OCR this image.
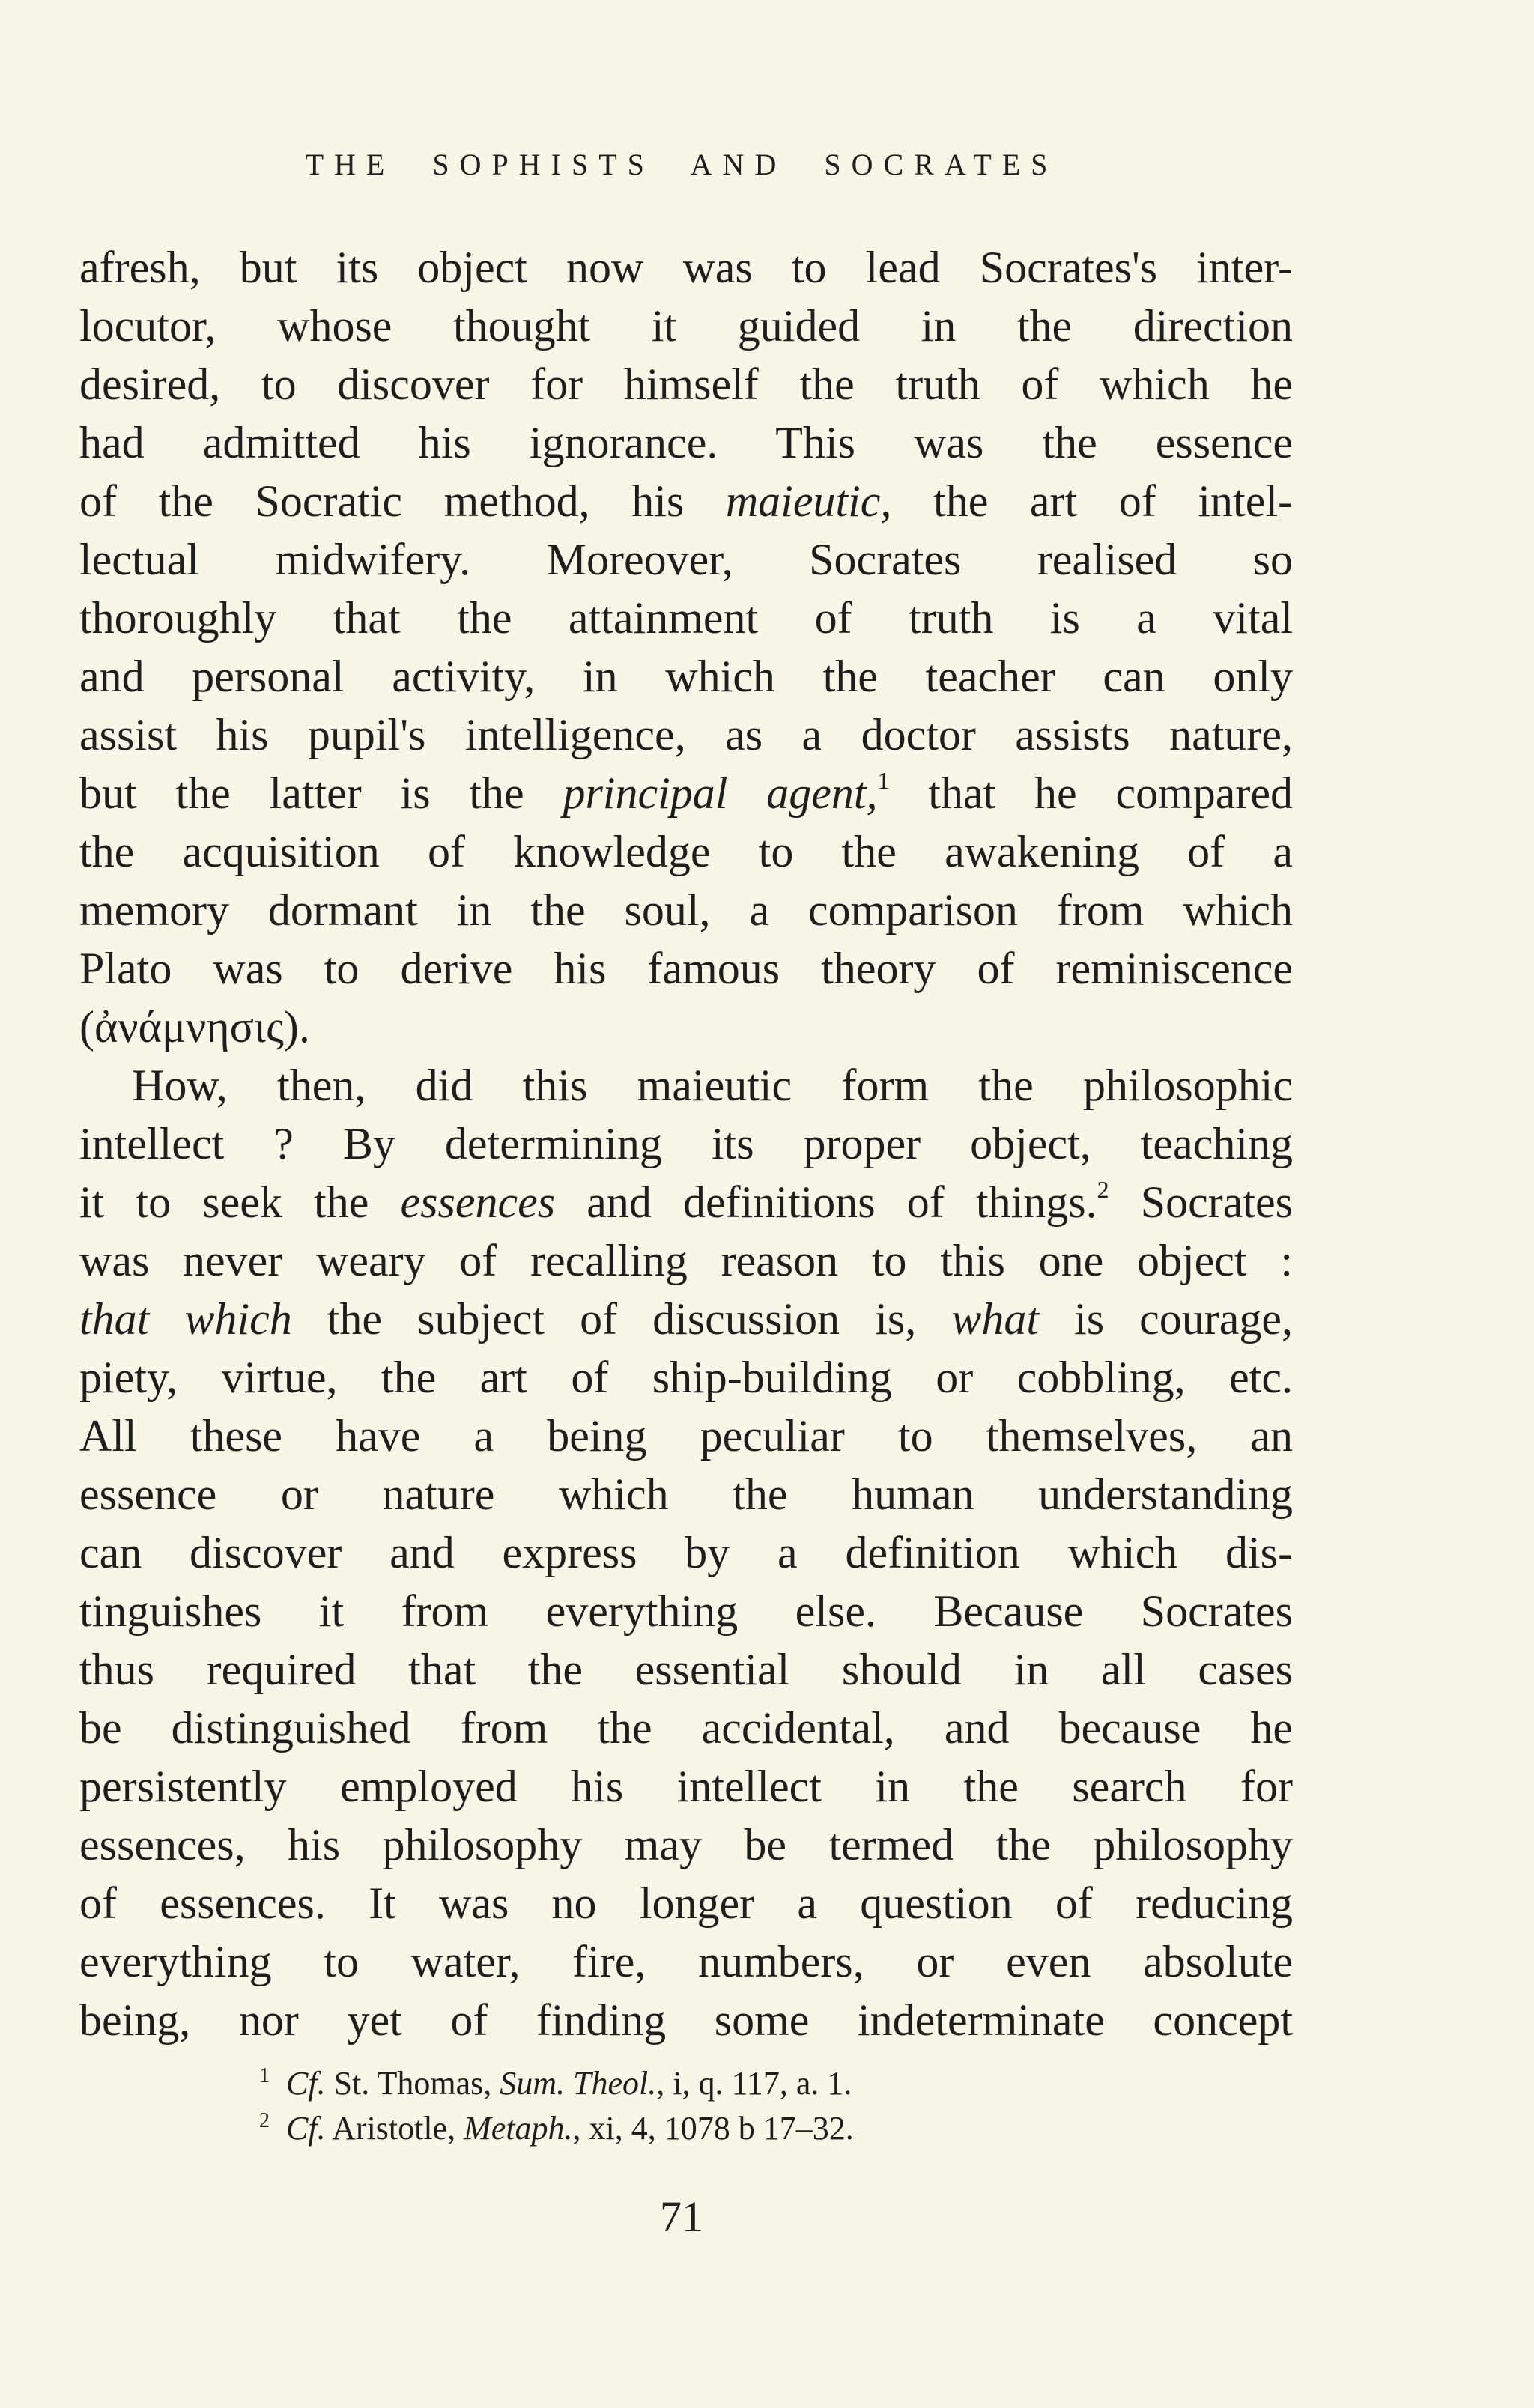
THE SOPHISTS AND SOCRATES
afresh, but its object now was to lead Socrates's inter-
locutor, whose thought it guided in the direction
desired, to discover for himself the truth of which he
had admitted his ignorance. This was the essence
of the Socratic method, his maieutic, the art of intel-
lectual midwifery. Moreover, Socrates realised so
thoroughly that the attainment of truth is a vital
and personal activity, in which the teacher can only
assist his pupil's intelligence, as a doctor assists nature,
but the latter is the principal agent,$^1$ that he compared
the acquisition of knowledge to the awakening of a
memory dormant in the soul, a comparison from which
Plato was to derive his famous theory of reminiscence
(ἀνάμνησις).
How, then, did this maieutic form the philosophic
intellect ? By determining its proper object, teaching
it to seek the essences and definitions of things.$^2$ Socrates
was never weary of recalling reason to this one object :
that which the subject of discussion is, what is courage,
piety, virtue, the art of ship-building or cobbling, etc.
All these have a being peculiar to themselves, an
essence or nature which the human understanding
can discover and express by a definition which dis-
tinguishes it from everything else. Because Socrates
thus required that the essential should in all cases
be distinguished from the accidental, and because he
persistently employed his intellect in the search for
essences, his philosophy may be termed the philosophy
of essences. It was no longer a question of reducing
everything to water, fire, numbers, or even absolute
being, nor yet of finding some indeterminate concept
$^1$ Cf. St. Thomas, Sum. Theol., i, q. 117, a. 1.
$^2$ Cf. Aristotle, Metaph., xi, 4, 1078 b 17–32.
71
